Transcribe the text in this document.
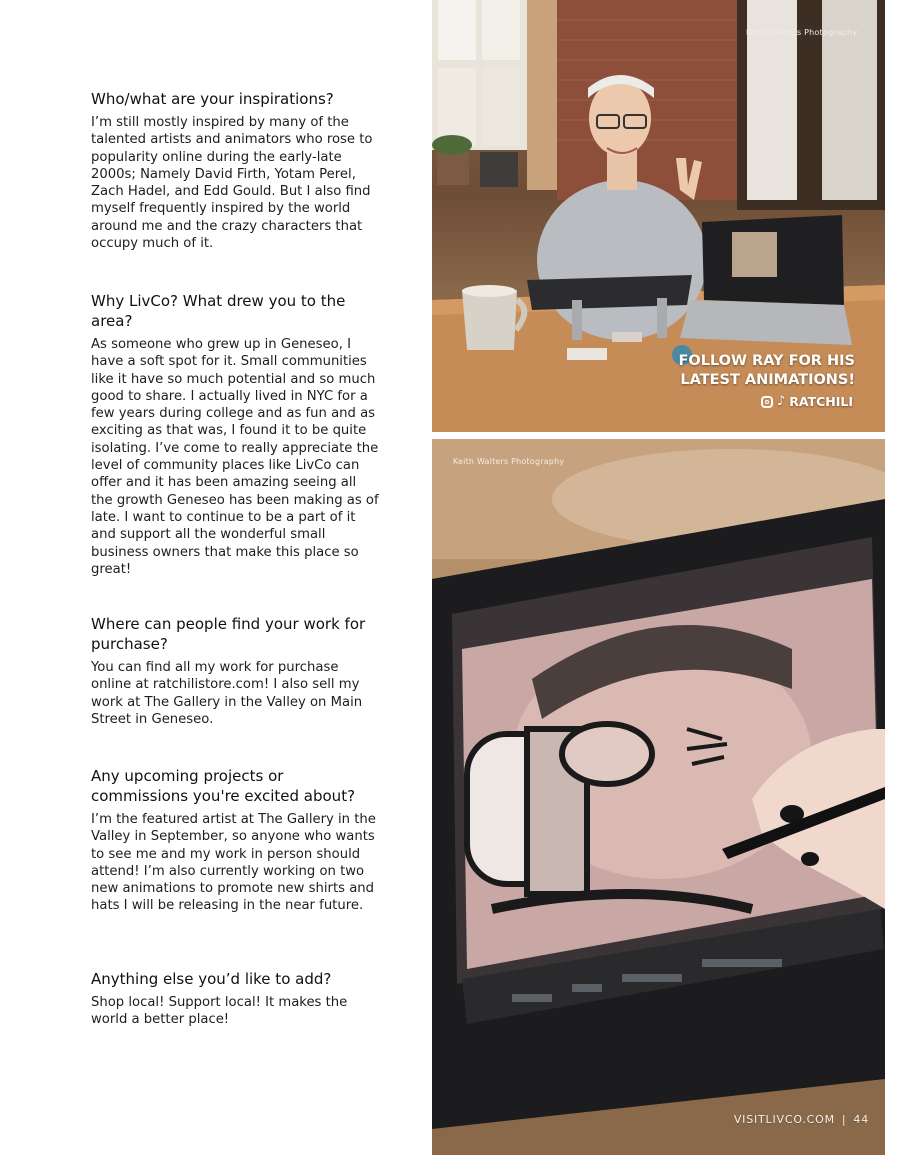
Who/what are your inspirations?

I’m still mostly inspired by many of the talented artists and animators who rose to popularity online during the early-late 2000s; Namely David Firth, Yotam Perel, Zach Hadel, and Edd Gould. But I also find myself frequently inspired by the world around me and the crazy characters that occupy much of it.

Why LivCo? What drew you to the area?

As someone who grew up in Geneseo, I have a soft spot for it. Small communities like it have so much potential and so much good to share. I actually lived in NYC for a few years during college and as fun and as exciting as that was, I found it to be quite isolating. I’ve come to really appreciate the level of community places like LivCo can offer and it has been amazing seeing all the growth Geneseo has been making as of late. I want to continue to be a part of it and support all the wonderful small business owners that make this place so great!

Where can people find your work for purchase?

You can find all my work for purchase online at ratchilistore.com! I also sell my work at The Gallery in the Valley on Main Street in Geneseo.

Any upcoming projects or commissions you're excited about?

I’m the featured artist at The Gallery in the Valley in September, so anyone who wants to see me and my work in person should attend! I’m also currently working on two new animations to promote new shirts and hats I will be releasing in the near future.

Anything else you’d like to add?

Shop local! Support local! It makes the world a better place!

Keith Walters Photography
FOLLOW RAY FOR HIS
LATEST ANIMATIONS!
♪ RATCHILI
Keith Walters Photography
VISITLIVCO.COM | 44
